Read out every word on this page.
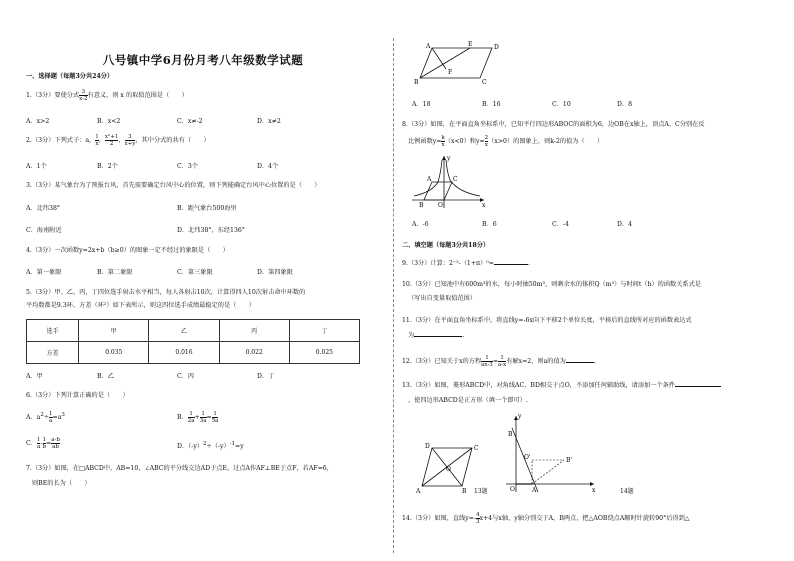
八号镇中学6月份月考八年级数学试题
一、选择题（每题3分共24分）
1.（3分）要使分式 $\frac{3}{x-2}$ 有意义，则 x 的取值范围是（　　）
A．x>2	B．x<2	C．x≠-2	D．x≠2
2.（3分）下列式子：a， $\frac{1}{x}$ ， $\frac{\text{x²+1}}{2}$ ， $\frac{3}{x+y}$ ，其中分式的共有（　　）
A．1个	B．2个	C．3个	D．4个
3.（3分）某气象台为了预报台风，首先需要确定台风中心的位置，则下列能确定台风中心位置的是（　　）
A．北纬38°	B．距气象台500海里
C．海南附近	D．北纬38°，东经136°
4.（3分）一次函数y=2x+b（b≥0）的图象一定不经过的象限是（　　）
A．第一象限	B．第二象限	C．第三象限	D．第四象限
5.（3分）甲、乙、丙、丁四位选手射击水平相当，每人各射击10次，计算得四人10次射击命中环数的
平均数都是9.3环，方差（环²）如下表所示，则这四位选手成绩最稳定的是（　　）
选手	甲	乙	丙	丁
方差	0.035	0.016	0.022	0.025
A．甲	B．乙	C．丙	D．丁
6.（3分）下列计算正确的是（　　）
A．$a^2\div \frac{1}{a} =a^3$	B． $\frac{1}{2a} + \frac{1}{3a} = \frac{1}{5a}$
C． $\frac{1}{a} - \frac{1}{b} = \frac{a-b}{ab}$	D．$(-y)^2\div(-y)^{-1}=y$
7.（3分）如图，在□ABCD中，AB=10，∠ABC的平分线交边AD于点E，过点A作AF⊥BE于点F，若AF=6，
则BE的长为（　　）
A	E	D
B	C
F
A．18	B．16	C．10	D．8
8.（3分）如图，在平面直角坐标系中，已知平行四边形ABOC的面积为6，边OB在x轴上，顶点A、C分别在反
比例函数$y= \frac{k}{x} (x<0)$和$y= \frac{2}{x} (x>0)$的图象上，则k-2的值为（　　）
A	C
B O
y
x
A．-6	B．6	C．-4	D．4
二、填空题（每题3分共18分）
9.（3分）计算：2⁻²-（1+π）⁰=	.
10.（3分）已知池中有600m³的水，每小时抽50m³，则剩余水的体积Q（m³）与时间t（h）的函数关系式是
（写出自变量取值范围）
11.（3分）在平面直角坐标系中，将直线y=-6x向下平移2个单位长度，平移后的直线所对应的函数表达式
为	.
12.（3分）已知关于x的方程 $\frac{1}{ax-3} = \frac{1}{a-x}$ 有解x=2，则a的值为	.
13.（3分）如图，菱形ABCD中，对角线AC、BD相交于点O，不添加任何辅助线，请添加一个条件
，使四边形ABCD是正方形（填一个即可）.
D	C
A	B
O
13题
y
B
O	A
O'	B'
x	14题
14.（3分）如图，直线$y=- \frac{4}{3} x+4$与x轴、y轴分别交于A、B两点，把△AOB绕点A顺时针旋转90°后得到△
